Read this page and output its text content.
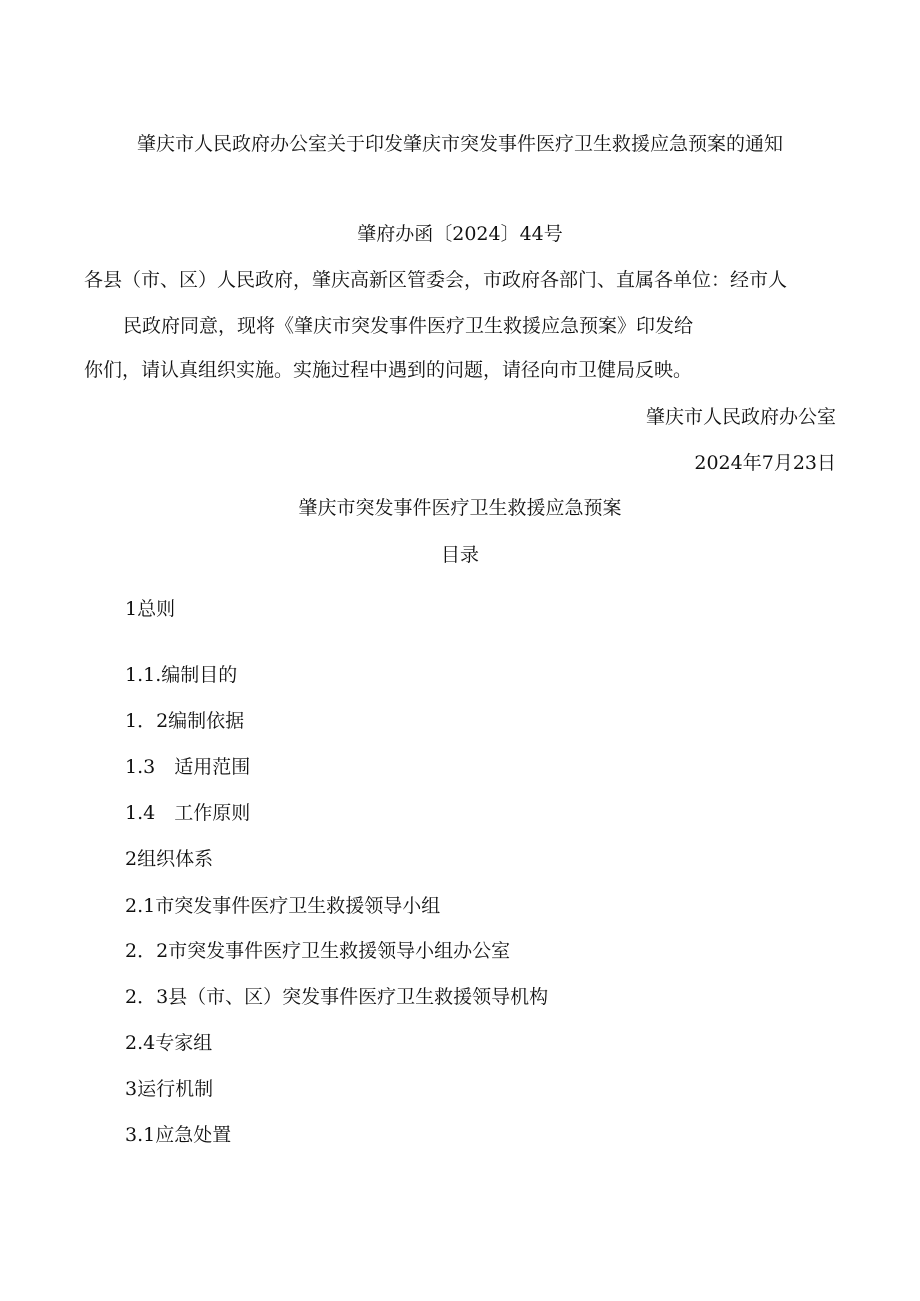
肇庆市人民政府办公室关于印发肇庆市突发事件医疗卫生救援应急预案的通知
肇府办函〔2024〕44号
各县（市、区）人民政府，肇庆高新区管委会，市政府各部门、直属各单位：经市人
民政府同意，现将《肇庆市突发事件医疗卫生救援应急预案》印发给
你们，请认真组织实施。实施过程中遇到的问题，请径向市卫健局反映。
肇庆市人民政府办公室
2024年7月23日
肇庆市突发事件医疗卫生救援应急预案
目录
1总则
1.1.编制目的
1．2编制依据
1.3　适用范围
1.4　工作原则
2组织体系
2.1市突发事件医疗卫生救援领导小组
2．2市突发事件医疗卫生救援领导小组办公室
2．3县（市、区）突发事件医疗卫生救援领导机构
2.4专家组
3运行机制
3.1应急处置
